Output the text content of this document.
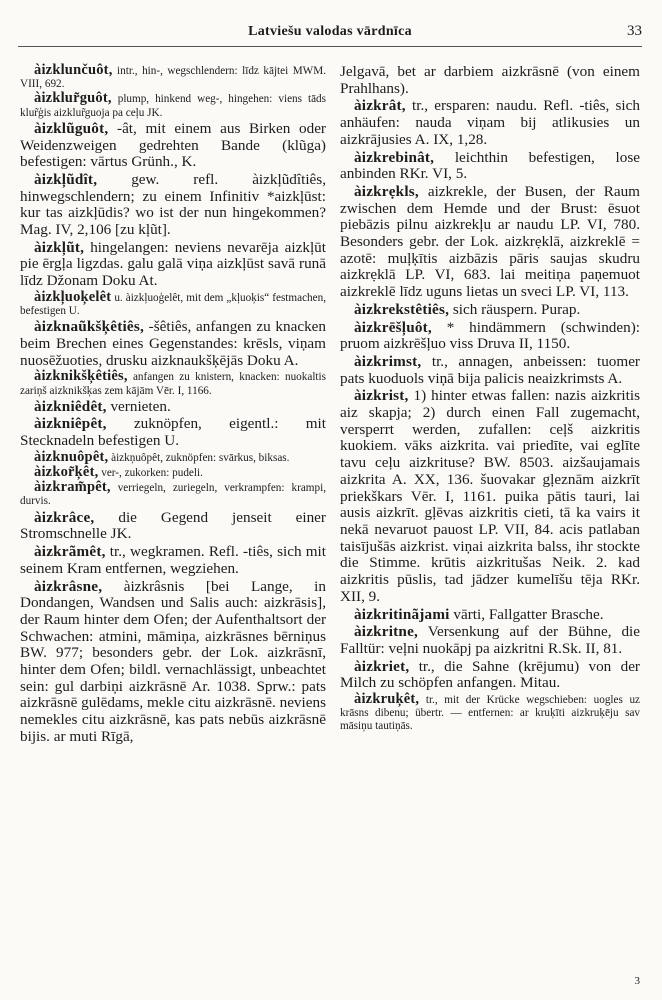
Latviešu valodas vārdnīca	33

àizklunčuôt, intr., hin-, wegschlendern: līdz kājtei MWM. VIII, 692.

àizklur̃guôt, plump, hinkend weg-, hingehen: viens tāds klur̃ģis aizklur̃guoja pa ceļu JK.

àizklũguôt, -ât, mit einem aus Birken oder Weidenzweigen gedrehten Bande (klũga) befestigen: vārtus Grünh., K.

àizkļũdît, gew. refl. àizkļũdîtiês, hinwegschlendern; zu einem Infinitiv *aizkļūst: kur tas aizkļūdis? wo ist der nun hingekommen? Mag. IV, 2,106 [zu kļũt].

àizkļũt, hingelangen: neviens nevarēja aizkļūt pie ērgļa ligzdas. galu galā viņa aizkļūst savā runā līdz Džonam Doku At.

àizkļuoķelêt u. àizkļuoģelêt, mit dem „kļuoķis“ festmachen, befestigen U.

àizknaũkšķêtiês, -šêtiês, anfangen zu knacken beim Brechen eines Gegenstandes: krēsls, viņam nuosēžuoties, drusku aizknaukšķējās Doku A.

àizknikšķêtiês, anfangen zu knistern, knacken: nuokaltis zariņš aizknikšķas zem kājām Vēr. I, 1166.

àizkniêdêt, vernieten.

àizkniêpêt, zuknöpfen, eigentl.: mit Stecknadeln befestigen U.

àizknuôpêt, àizkņuôpêt, zuknöpfen: svārkus, biksas.

àizkor̃ķêt, ver-, zukorken: pudeli.

àizkram̃pêt, verriegeln, zuriegeln, verkrampfen: krampi, durvis.

àizkrâce, die Gegend jenseit einer Stromschnelle JK.

àizkrãmêt, tr., wegkramen. Refl. -tiês, sich mit seinem Kram entfernen, wegziehen.

àizkrâsne, àizkrâsnis [bei Lange, in Dondangen, Wandsen und Salis auch: aizkrāsis], der Raum hinter dem Ofen; der Aufenthaltsort der Schwachen: atmini, māmiņa, aizkrāsnes bērniņus BW. 977; besonders gebr. der Lok. aizkrāsnī, hinter dem Ofen; bildl. vernachlässigt, unbeachtet sein: gul darbiņi aizkrāsnē Ar. 1038. Sprw.: pats aizkrāsnē gulēdams, mekle citu aizkrāsnē. neviens nemekles citu aizkrāsnē, kas pats nebūs aizkrāsnē bijis. ar muti Rīgā,

Jelgavā, bet ar darbiem aizkrāsnē (von einem Prahlhans).

àizkrât, tr., ersparen: naudu. Refl. -tiês, sich anhäufen: nauda viņam bij atlikusies un aizkrājusies A. IX, 1,28.

àizkrebinât, leichthin befestigen, lose anbinden RKr. VI, 5.

àizkrẹkls, aizkrekle, der Busen, der Raum zwischen dem Hemde und der Brust: ēsuot piebāzis pilnu aizkrekļu ar naudu LP. VI, 780. Besonders gebr. der Lok. aizkrẹklā, aizkreklē = azotē: muļķītis aizbāzis pāris saujas skudru aizkrẹklā LP. VI, 683. lai meitiņa paņemuot aizkreklē līdz uguns lietas un sveci LP. VI, 113.

àizkrekstêtiês, sich räuspern. Purap.

àizkrēšļuôt, * hindämmern (schwinden): pruom aizkrēšļuo viss Druva II, 1150.

àizkrimst, tr., annagen, anbeissen: tuomer pats kuoduols viņā bija palicis neaizkrimsts A.

àizkrist, 1) hinter etwas fallen: nazis aizkritis aiz skapja; 2) durch einen Fall zugemacht, versperrt werden, zufallen: ceļš aizkritis kuokiem. vāks aizkrita. vai priedīte, vai eglīte tavu ceļu aizkrituse? BW. 8503. aizšaujamais aizkrita A. XX, 136. šuovakar gļeznām aizkrīt priekškars Vēr. I, 1161. puika pātis tauri, lai ausis aizkrīt. gļēvas aizkritis cieti, tā ka vairs it nekā nevaruot pauost LP. VII, 84. acis patlaban taisījušās aizkrist. viņai aizkrita balss, ihr stockte die Stimme. krūtis aizkritušas Neik. 2. kad aizkritis pūslis, tad jādzer kumelīšu tēja RKr. XII, 9.

àizkritinãjami vārti, Fallgatter Brasche.

àizkritne, Versenkung auf der Bühne, die Falltür: veļni nuokāpj pa aizkritni R.Sk. II, 81.

àizkriet, tr., die Sahne (krējumu) von der Milch zu schöpfen anfangen. Mitau.

àizkruķêt, tr., mit der Krücke wegschieben: uogles uz krāsns dibenu; übertr. — entfernen: ar kruķīti aizkruķēju sav māsiņu tautiņās.

3
